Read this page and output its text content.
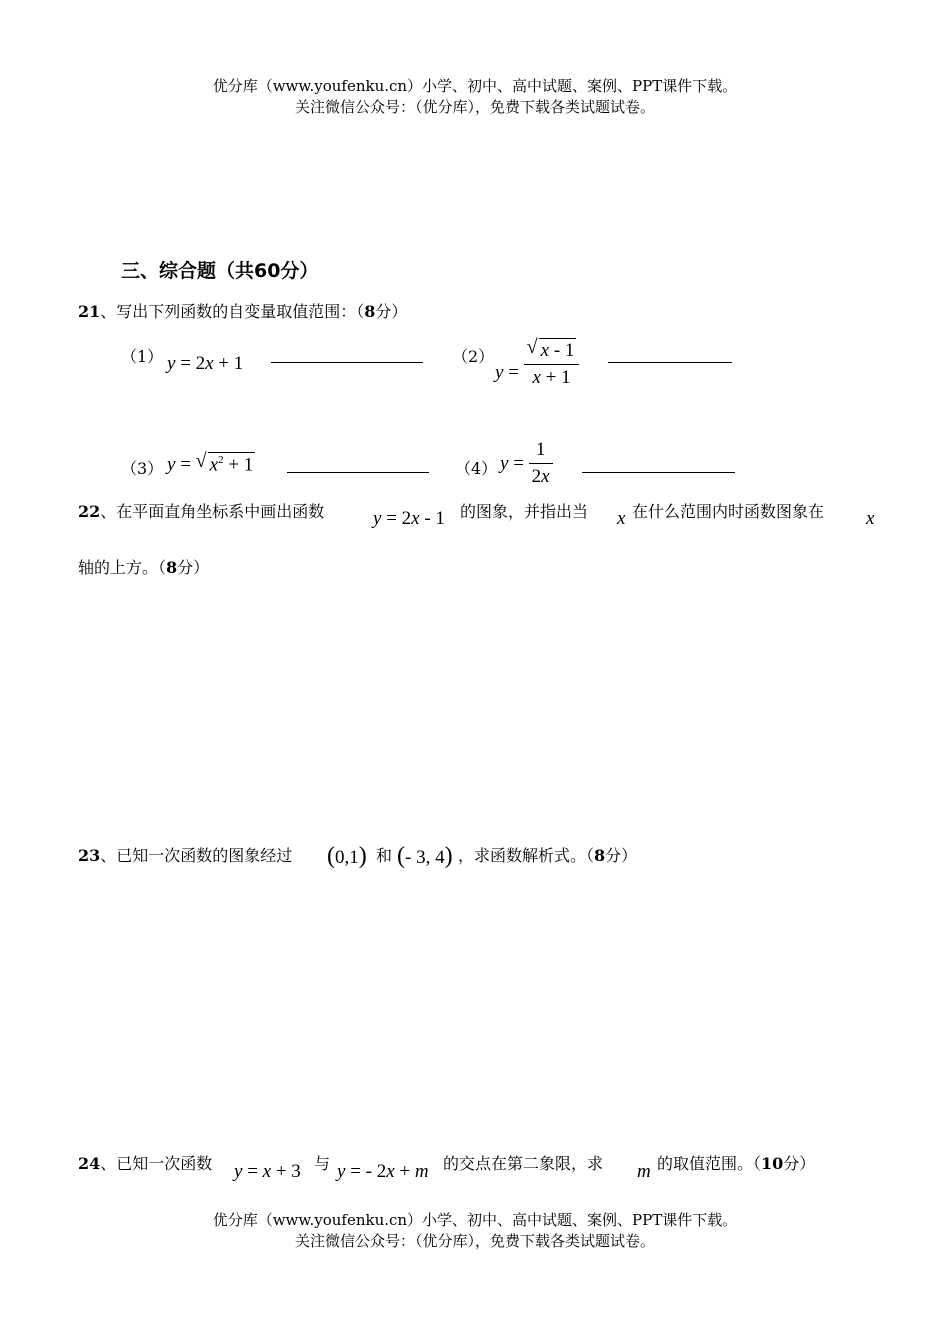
优分库（www.youfenku.cn）小学、初中、高中试题、案例、PPT课件下载。
关注微信公众号：（优分库），免费下载各类试题试卷。
三、综合题（共60分）
21、写出下列函数的自变量取值范围：（8分）
（1） y = 2x + 1	（2）
$y = \frac{√ x - 1}{x + 1}$
（3） y = √ $x^2 + 1$	（4） $y = \frac{1}{2x}$
22、在平面直角坐标系中画出函数	y = 2x - 1 的图象，并指出当 x 在什么范围内时函数图象在 x
轴的上方。（8分）
23、已知一次函数的图象经过 (0,1) 和 (- 3, 4) ，求函数解析式。（8分）
24、已知一次函数 y = x + 3 与 y = - 2x + m 的交点在第二象限，求 m 的取值范围。（10分）
优分库（www.youfenku.cn）小学、初中、高中试题、案例、PPT课件下载。
关注微信公众号：（优分库），免费下载各类试题试卷。
